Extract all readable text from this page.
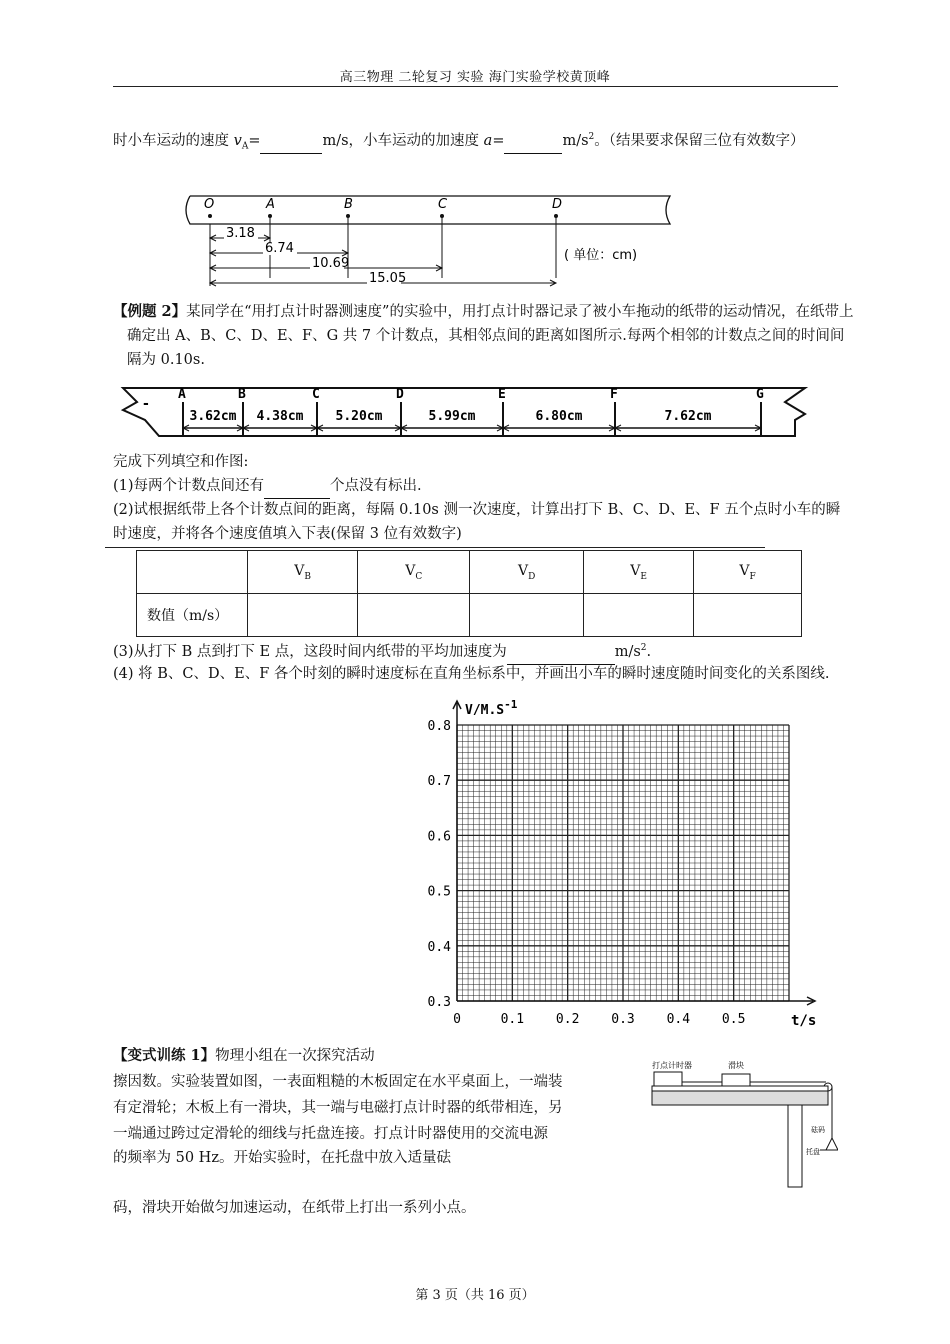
高三物理 二轮复习 实验 海门实验学校黄顶峰
时小车运动的速度 $v_A=$	m/s，小车运动的加速度 a=	$m/s^2$。（结果要求保留三位有效数字）
O	A	B	C	D
3.18
6.74
10.69
15.05
( 单位：cm)
【例题 2】某同学在“用打点计时器测速度”的实验中，用打点计时器记录了被小车拖动的纸带的运动情况，在纸带上确定出 A、B、C、D、E、F、G 共 7 个计数点，其相邻点间的距离如图所示.每两个相邻的计数点之间的时间间隔为 0.10s.
-
A	B	C	D	E	F	G
3.62cm 4.38cm 5.20cm	5.99cm	6.80cm	7.62cm
完成下列填空和作图:
(1)每两个计数点间还有	个点没有标出.
(2)试根据纸带上各个计数点间的距离，每隔 0.10s 测一次速度，计算出打下 B、C、D、E、F 五个点时小车的瞬时速度，并将各个速度值填入下表(保留 3 位有效数字)
	$V_B$	$V_C$	$V_D$	$V_E$	$V_F$
数值（m/s）					
(3)从打下 B 点到打下 E 点，这段时间内纸带的平均加速度为	$m/s^2$.
(4) 将 B、C、D、E、F 各个时刻的瞬时速度标在直角坐标系中，并画出小车的瞬时速度随时间变化的关系图线.
0	0.1 0.2 0.3 0.4 0.5
0.3
0.4
0.5
0.6
0.7
0.8
$V/M.S^{-1}$
t/s
【变式训练 1】物理小组在一次探究活动
擦因数。实验装置如图，一表面粗糙的木板固定在水平桌面上，一端装
有定滑轮；木板上有一滑块，其一端与电磁打点计时器的纸带相连，另
一端通过跨过定滑轮的细线与托盘连接。打点计时器使用的交流电源
的频率为 50 Hz。开始实验时，在托盘中放入适量砝
码，滑块开始做匀加速运动，在纸带上打出一系列小点。
打点计时器	滑块
砝码
托盘
第 3 页（共 16 页）
